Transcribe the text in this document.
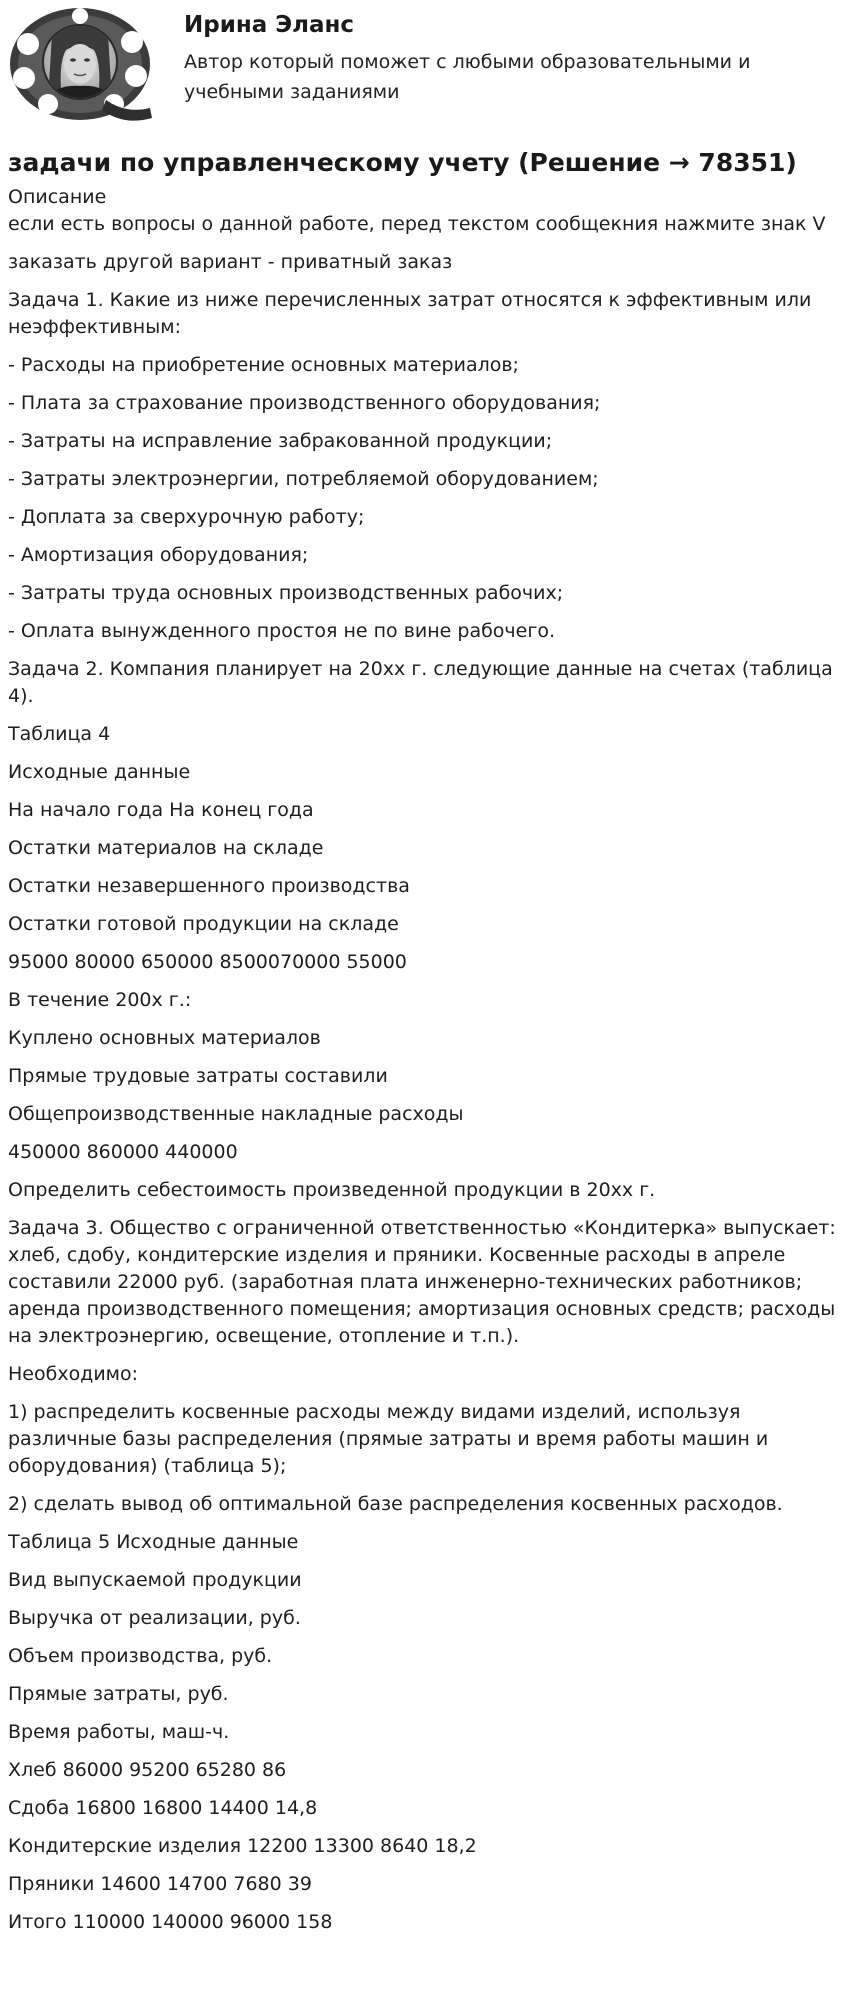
Ирина Эланс
Автор который поможет с любыми образовательными и учебными заданиями
задачи по управленческому учету (Решение → 78351)
Описание

если есть вопросы о данной работе, перед текстом сообщекния нажмите знак V

заказать другой вариант - приватный заказ

Задача 1. Какие из ниже перечисленных затрат относятся к эффективным или неэффективным:

- Расходы на приобретение основных материалов;

- Плата за страхование производственного оборудования;

- Затраты на исправление забракованной продукции;

- Затраты электроэнергии, потребляемой оборудованием;

- Доплата за сверхурочную работу;

- Амортизация оборудования;

- Затраты труда основных производственных рабочих;

- Оплата вынужденного простоя не по вине рабочего.

Задача 2. Компания планирует на 20хх г. следующие данные на счетах (таблица 4).

Таблица 4

Исходные данные

На начало года На конец года

Остатки материалов на складе

Остатки незавершенного производства

Остатки готовой продукции на складе

95000 80000 650000 8500070000 55000

В течение 200х г.:

Куплено основных материалов

Прямые трудовые затраты составили

Общепроизводственные накладные расходы

450000 860000 440000

Определить себестоимость произведенной продукции в 20хх г.

Задача 3. Общество с ограниченной ответственностью «Кондитерка» выпускает: хлеб, сдобу, кондитерские изделия и пряники. Косвенные расходы в апреле составили 22000 руб. (заработная плата инженерно-технических работников; аренда производственного помещения; амортизация основных средств; расходы на электроэнергию, освещение, отопление и т.п.).

Необходимо:

1) распределить косвенные расходы между видами изделий, используя различные базы распределения (прямые затраты и время работы машин и оборудования) (таблица 5);

2) сделать вывод об оптимальной базе распределения косвенных расходов.

Таблица 5 Исходные данные

Вид выпускаемой продукции

Выручка от реализации, руб.

Объем производства, руб.

Прямые затраты, руб.

Время работы, маш-ч.

Хлеб 86000 95200 65280 86

Сдоба 16800 16800 14400 14,8

Кондитерские изделия 12200 13300 8640 18,2

Пряники 14600 14700 7680 39

Итого 110000 140000 96000 158
